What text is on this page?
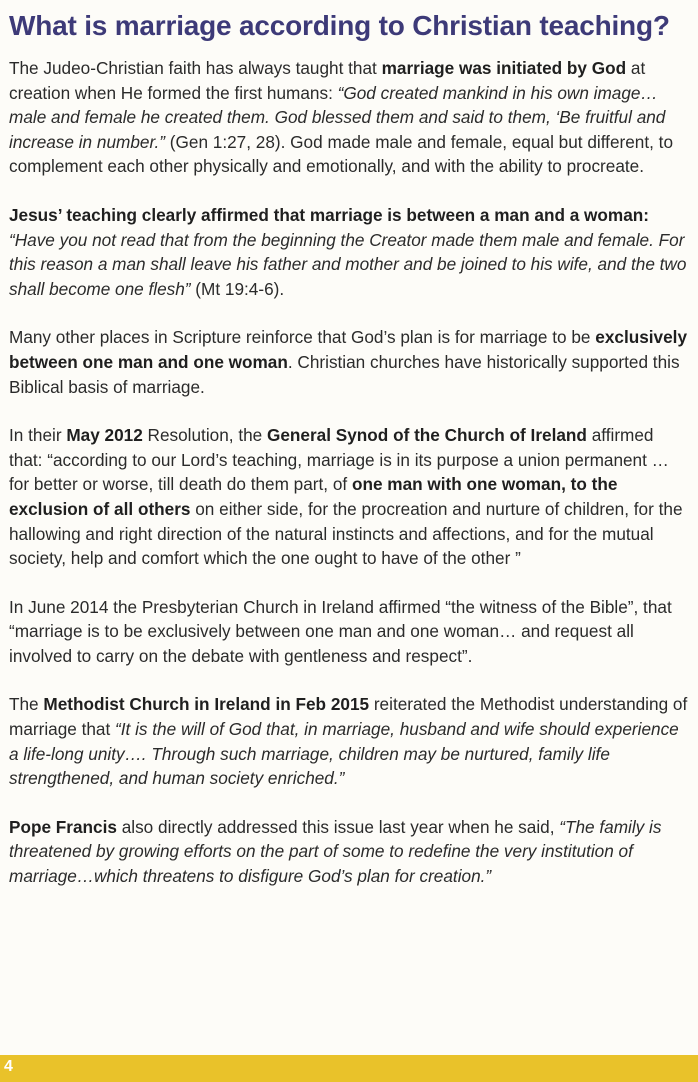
What is marriage according to Christian teaching?

The Judeo-Christian faith has always taught that marriage was initiated by God at creation when He formed the first humans: “God created mankind in his own image… male and female he created them. God blessed them and said to them, ‘Be fruitful and increase in number.” (Gen 1:27, 28). God made male and female, equal but different, to complement each other physically and emotionally, and with the ability to procreate.

Jesus’ teaching clearly affirmed that marriage is between a man and a woman:
“Have you not read that from the beginning the Creator made them male and female. For this reason a man shall leave his father and mother and be joined to his wife, and the two shall become one flesh” (Mt 19:4-6).

Many other places in Scripture reinforce that God’s plan is for marriage to be exclusively between one man and one woman. Christian churches have historically supported this Biblical basis of marriage.

In their May 2012 Resolution, the General Synod of the Church of Ireland affirmed that: “according to our Lord’s teaching, marriage is in its purpose a union permanent … for better or worse, till death do them part, of one man with one woman, to the exclusion of all others on either side, for the procreation and nurture of children, for the hallowing and right direction of the natural instincts and affections, and for the mutual society, help and comfort which the one ought to have of the other ”

In June 2014 the Presbyterian Church in Ireland affirmed “the witness of the Bible”, that “marriage is to be exclusively between one man and one woman… and request all involved to carry on the debate with gentleness and respect”.

The Methodist Church in Ireland in Feb 2015 reiterated the Methodist understanding of marriage that “It is the will of God that, in marriage, husband and wife should experience a life-long unity…. Through such marriage, children may be nurtured, family life strengthened, and human society enriched.”

Pope Francis also directly addressed this issue last year when he said, “The family is threatened by growing efforts on the part of some to redefine the very institution of marriage…which threatens to disfigure God’s plan for creation.”

4
